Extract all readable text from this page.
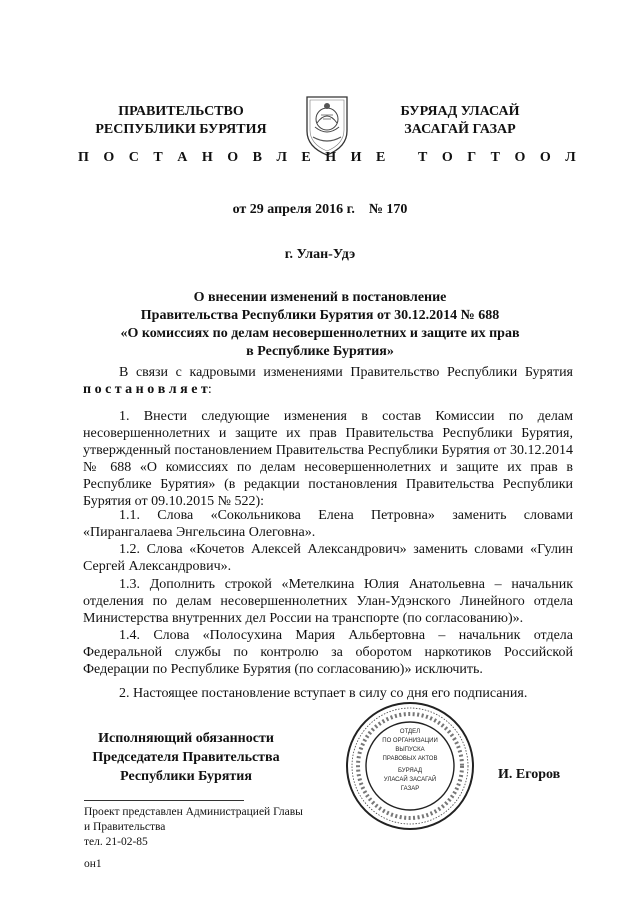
ПРАВИТЕЛЬСТВО
РЕСПУБЛИКИ БУРЯТИЯ
БУРЯАД УЛАСАЙ
ЗАСАГАЙ ГАЗАР
П О С Т А Н О В Л Е Н И Е Т О Г Т О О Л
от 29 апреля 2016 г.    № 170
г. Улан-Удэ
О внесении изменений в постановление
Правительства Республики Бурятия от 30.12.2014 № 688
«О комиссиях по делам несовершеннолетних и защите их прав
в Республике Бурятия»

В связи с кадровыми изменениями Правительство Республики Бурятия

п о с т а н о в л я е т:

1. Внести следующие изменения в состав Комиссии по делам несовершеннолетних и защите их прав Правительства Республики Бурятия, утвержденный постановлением Правительства Республики Бурятия от 30.12.2014 № 688 «О комиссиях по делам несовершеннолетних и защите их прав в Республике Бурятия» (в редакции постановления Правительства Республики Бурятия от 09.10.2015 № 522):

1.1. Слова «Сокольникова Елена Петровна» заменить словами «Пирангалаева Энгельсина Олеговна».

1.2. Слова «Кочетов Алексей Александрович» заменить словами «Гулин Сергей Александрович».

1.3. Дополнить строкой «Метелкина Юлия Анатольевна – начальник отделения по делам несовершеннолетних Улан-Удэнского Линейного отдела Министерства внутренних дел России на транспорте (по согласованию)».

1.4. Слова «Полосухина Мария Альбертовна – начальник отдела Федеральной службы по контролю за оборотом наркотиков Российской Федерации по Республике Бурятия (по согласованию)» исключить.

2. Настоящее постановление вступает в силу со дня его подписания.

Исполняющий обязанности
Председателя Правительства
Республики Бурятия
ОТДЕЛ
ПО ОРГАНИЗАЦИИ
ВЫПУСКА
ПРАВОВЫХ АКТОВ
БУРЯАД
УЛАСАЙ ЗАСАГАЙ
ГАЗАР
И. Егоров
Проект представлен Администрацией Главы
и Правительства
тел. 21-02-85
он1
